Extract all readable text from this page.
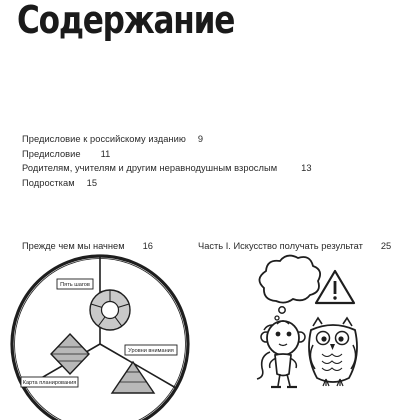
Содержание
Предисловие к российскому изданию 9
Предисловие 11
Родителям, учителям и другим неравнодушным взрослым	13
Подросткам 15
Прежде чем мы начнем 16	Часть I. Искусство получать результат 25
Пять шагов
Карта планирования
Уровни внимания
